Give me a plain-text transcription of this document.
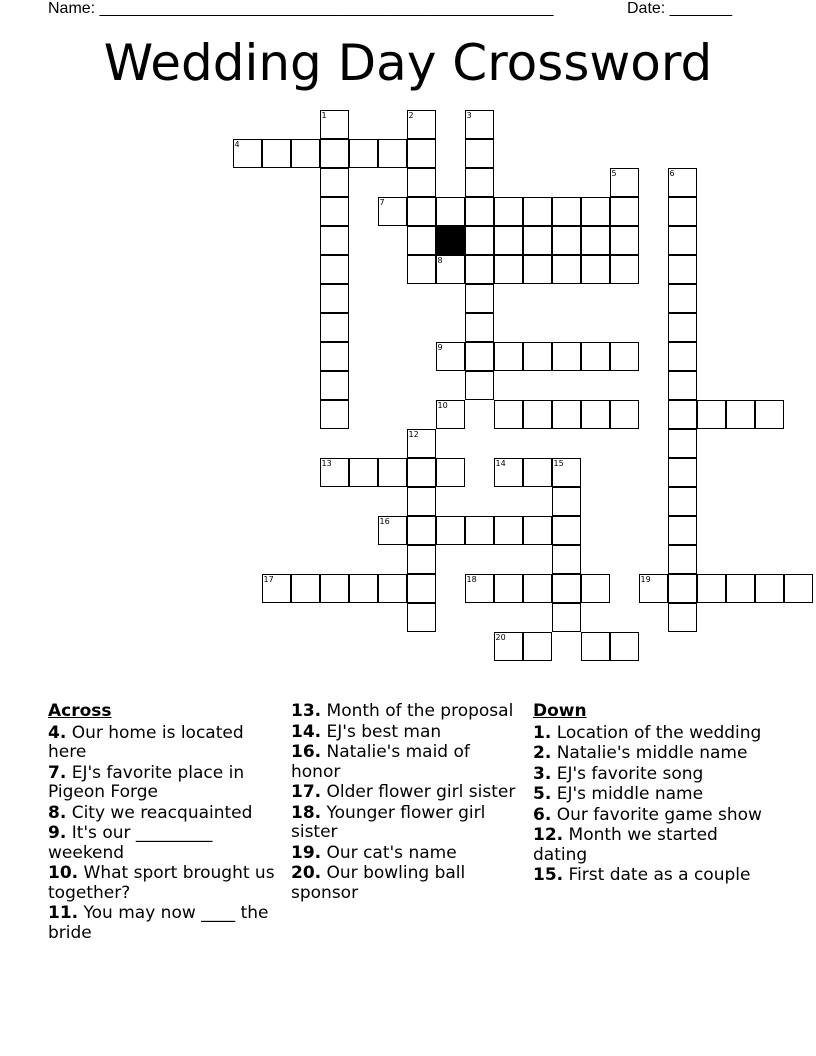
Name: ___________________________________________________	Date: _______
Wedding Day Crossword
1	2	3
4
5	6
7
8
9
10
12
13	14	15
16
17	18	19
20
Across
4. Our home is located here
7. EJ's favorite place in Pigeon Forge
8. City we reacquainted
9. It's our _________ weekend
10. What sport brought us together?
11. You may now ____ the bride
13. Month of the proposal
14. EJ's best man
16. Natalie's maid of honor
17. Older flower girl sister
18. Younger flower girl sister
19. Our cat's name
20. Our bowling ball sponsor
Down
1. Location of the wedding
2. Natalie's middle name
3. EJ's favorite song
5. EJ's middle name
6. Our favorite game show
12. Month we started dating
15. First date as a couple
